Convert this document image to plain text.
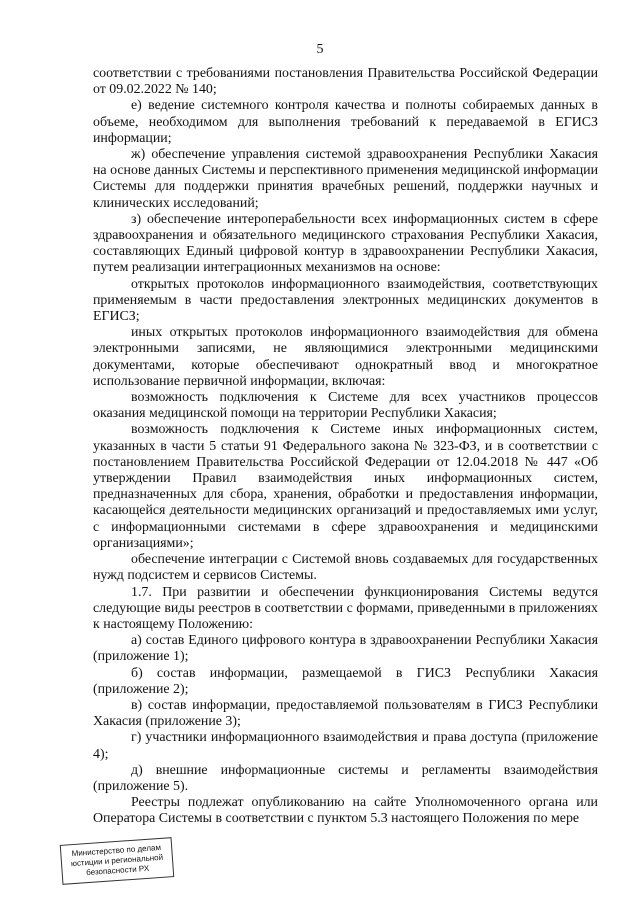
5

соответствии с требованиями постановления Правительства Российской Федерации от 09.02.2022 № 140;

е) ведение системного контроля качества и полноты собираемых данных в объеме, необходимом для выполнения требований к передаваемой в ЕГИСЗ информации;

ж) обеспечение управления системой здравоохранения Республики Хакасия на основе данных Системы и перспективного применения медицинской информации Системы для поддержки принятия врачебных решений, поддержки научных и клинических исследований;

з) обеспечение интероперабельности всех информационных систем в сфере здравоохранения и обязательного медицинского страхования Республики Хакасия, составляющих Единый цифровой контур в здравоохранении Республики Хакасия, путем реализации интеграционных механизмов на основе:

открытых протоколов информационного взаимодействия, соответствующих применяемым в части предоставления электронных медицинских документов в ЕГИСЗ;

иных открытых протоколов информационного взаимодействия для обмена электронными записями, не являющимися электронными медицинскими документами, которые обеспечивают однократный ввод и многократное использование первичной информации, включая:

возможность подключения к Системе для всех участников процессов оказания медицинской помощи на территории Республики Хакасия;

возможность подключения к Системе иных информационных систем, указанных в части 5 статьи 91 Федерального закона № 323-ФЗ, и в соответствии с постановлением Правительства Российской Федерации от 12.04.2018 № 447 «Об утверждении Правил взаимодействия иных информационных систем, предназначенных для сбора, хранения, обработки и предоставления информации, касающейся деятельности медицинских организаций и предоставляемых ими услуг, с информационными системами в сфере здравоохранения и медицинскими организациями»;

обеспечение интеграции с Системой вновь создаваемых для государственных нужд подсистем и сервисов Системы.

1.7. При развитии и обеспечении функционирования Системы ведутся следующие виды реестров в соответствии с формами, приведенными в приложениях к настоящему Положению:

а) состав Единого цифрового контура в здравоохранении Республики Хакасия (приложение 1);

б) состав информации, размещаемой в ГИСЗ Республики Хакасия (приложение 2);

в) состав информации, предоставляемой пользователям в ГИСЗ Республики Хакасия (приложение 3);

г) участники информационного взаимодействия и права доступа (приложение 4);

д) внешние информационные системы и регламенты взаимодействия (приложение 5).

Реестры подлежат опубликованию на сайте Уполномоченного органа или Оператора Системы в соответствии с пунктом 5.3 настоящего Положения по мере

Министерство по делам юстиции и региональной безопасности РХ
